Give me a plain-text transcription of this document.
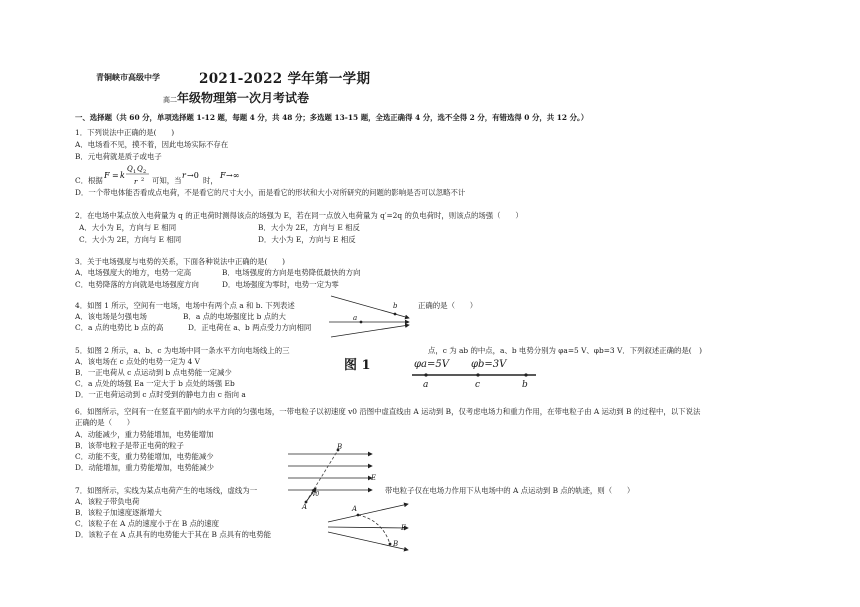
青铜峡市高级中学	2021-2022 学年第一学期
高二年级物理第一次月考试卷
一、选择题（共 60 分，单项选择题 1-12 题，每题 4 分，共 48 分；多选题 13-15 题，全选正确得 4 分，选不全得 2 分，有错选得 0 分，共 12 分。）
1．下列说法中正确的是(　　)
A．电场看不见，摸不着，因此电场实际不存在
B．元电荷就是质子或电子
C．根据
F = k
Q 1 Q 2
r 2	r →0	F →∞
可知，当	时，
D．一个带电体能否看成点电荷，不是看它的尺寸大小，而是看它的形状和大小对所研究的问题的影响是否可以忽略不计
2．在电场中某点放入电荷量为 q 的正电荷时测得该点的场强为 E，若在同一点放入电荷量为 q′=2q 的负电荷时，则该点的场强（　　）
A．大小为 E，方向与 E 相同	B．大小为 2E，方向与 E 相反
C．大小为 2E，方向与 E 相同	D．大小为 E，方向与 E 相反
3．关于电场强度与电势的关系，下面各种说法中正确的是(　　)
A．电场强度大的地方，电势一定高	B．电场强度的方向是电势降低最快的方向
C．电势降落的方向就是电场强度方向	D．电场强度为零时，电势一定为零
4．如图 1 所示，空间有一电场，电场中有两个点 a 和 b. 下列表述	正确的是（　　）
A．该电场是匀强电场	B．a 点的电场强度比 b 点的大
C．a 点的电势比 b 点的高	D．正电荷在 a、b 两点受力方向相同
b
a
5．如图 2 所示，a、b、c 为电场中同一条水平方向电场线上的三	点，c 为 ab 的中点，a、b 电势分别为 φa=5 V、φb=3 V．下列叙述正确的是(　)
图 1
A．该电场在 c 点处的电势一定为 4 V
B．一正电荷从 c 点运动到 b 点电势能一定减少
C．a 点处的场强 Ea 一定大于 b 点处的场强 Eb
D．一正电荷运动到 c 点时受到的静电力由 c 指向 a
φa=5V φb=3V
a	c	b
6．如图所示，空间有一在竖直平面内的水平方向的匀强电场，一带电粒子以初速度 v0 沿图中虚直线由 A 运动到 B，仅考虑电场力和重力作用，在带电粒子由 A 运动到 B 的过程中，以下说法
正确的是（　　）
A．动能减少，重力势能增加，电势能增加
B．该带电粒子是带正电荷的粒子
C．动能不变，重力势能增加，电势能减少
D．动能增加，重力势能增加，电势能减少
B
E
v0
A
7．如图所示，实线为某点电荷产生的电场线，虚线为一	带电粒子仅在电场力作用下从电场中的 A 点运动到 B 点的轨迹，则（　　）
A．该粒子带负电荷
B．该粒子加速度逐渐增大
C．该粒子在 A 点的速度小于在 B 点的速度
D．该粒子在 A 点具有的电势能大于其在 B 点具有的电势能
A
E
B
